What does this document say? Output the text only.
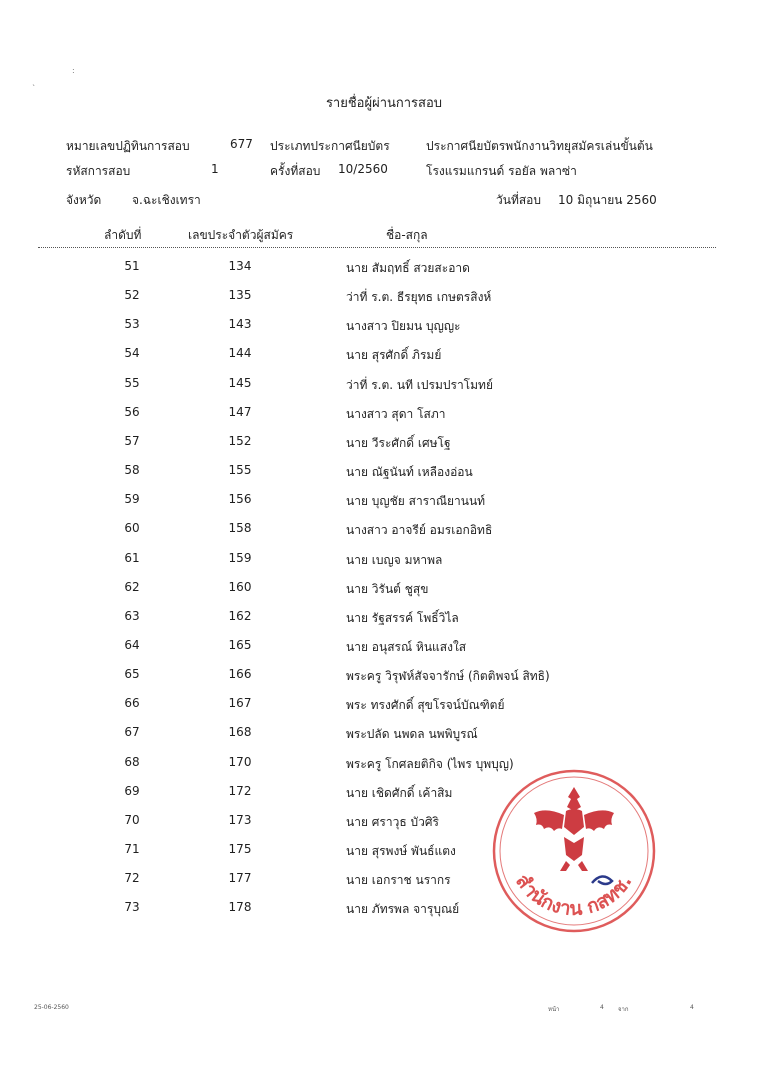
:
`
รายชื่อผู้ผ่านการสอบ
หมายเลขปฏิทินการสอบ	677 ประเภทประกาศนียบัตร	ประกาศนียบัตรพนักงานวิทยุสมัครเล่นขั้นต้น
รหัสการสอบ	1	ครั้งที่สอบ 10/2560	โรงแรมแกรนด์ รอยัล พลาซ่า
จังหวัด	จ.ฉะเชิงเทรา	วันที่สอบ 10 มิถุนายน 2560
ลำดับที่	เลขประจำตัวผู้สมัคร	ชื่อ-สกุล
51	134	นาย สัมฤทธิ์ สวยสะอาด
52	135	ว่าที่ ร.ต. ธีรยุทธ เกษตรสิงห์
53	143	นางสาว ปิยมน บุญญะ
54	144	นาย สุรศักดิ์ ภิรมย์
55	145	ว่าที่ ร.ต. นที เปรมปราโมทย์
56	147	นางสาว สุดา โสภา
57	152	นาย วีระศักดิ์ เศษโฐ
58	155	นาย ณัฐนันท์ เหลืองอ่อน
59	156	นาย บุญชัย สาราณียานนท์
60	158	นางสาว อาจรีย์ อมรเอกอิทธิ
61	159	นาย เบญจ มหาพล
62	160	นาย วิรันต์ ชูสุข
63	162	นาย รัฐสรรค์ โพธิ์วิไล
64	165	นาย อนุสรณ์ หินแสงใส
65	166	พระครู วิรุฬห์สัจจารักษ์ (กิตติพจน์ สิทธิ)
66	167	พระ ทรงศักดิ์ สุขโรจน์บัณฑิตย์
67	168	พระปลัด นพดล นพพิบูรณ์
68	170	พระครู โกศลยติกิจ (ไพร บุพบุญ)
69	172	นาย เชิดศักดิ์ เค้าสิม
70	173	นาย ศราวุธ บัวศิริ
71	175	นาย สุรพงษ์ พันธ์แตง
72	177	นาย เอกราช นรากร
73	178	นาย ภัทรพล จารุบุณย์
สำนักงาน กสทช.
25-06-2560	หน้า	4 จาก	4
